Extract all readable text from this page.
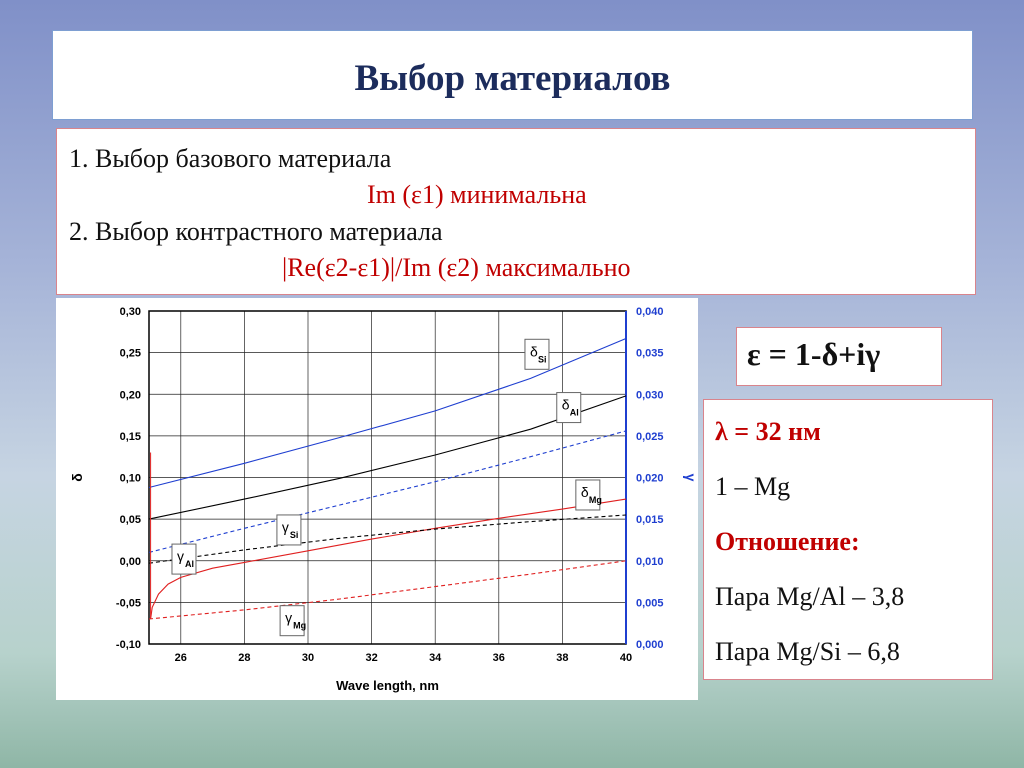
Выбор материалов
1. Выбор базового материала
Im (ε1) минимальна
2. Выбор контрастного материала
|Re(ε2-ε1)|/Im (ε2) максимально
26	28	30	32	34	36	38	40
0,30
0,25
0,20
0,15
0,10
0,05
0,00
-0,05
-0,10
0,040
0,035
0,030
0,025
0,020
0,015
0,010
0,005
0,000
Wave length, nm
δ	γ
δ Si
δ Al
δ Mg
γ Si
γ Al
γ Mg
ε = 1-δ+iγ
λ = 32 нм
1 – Mg
Отношение:
Пара Mg/Al – 3,8
Пара Mg/Si – 6,8
